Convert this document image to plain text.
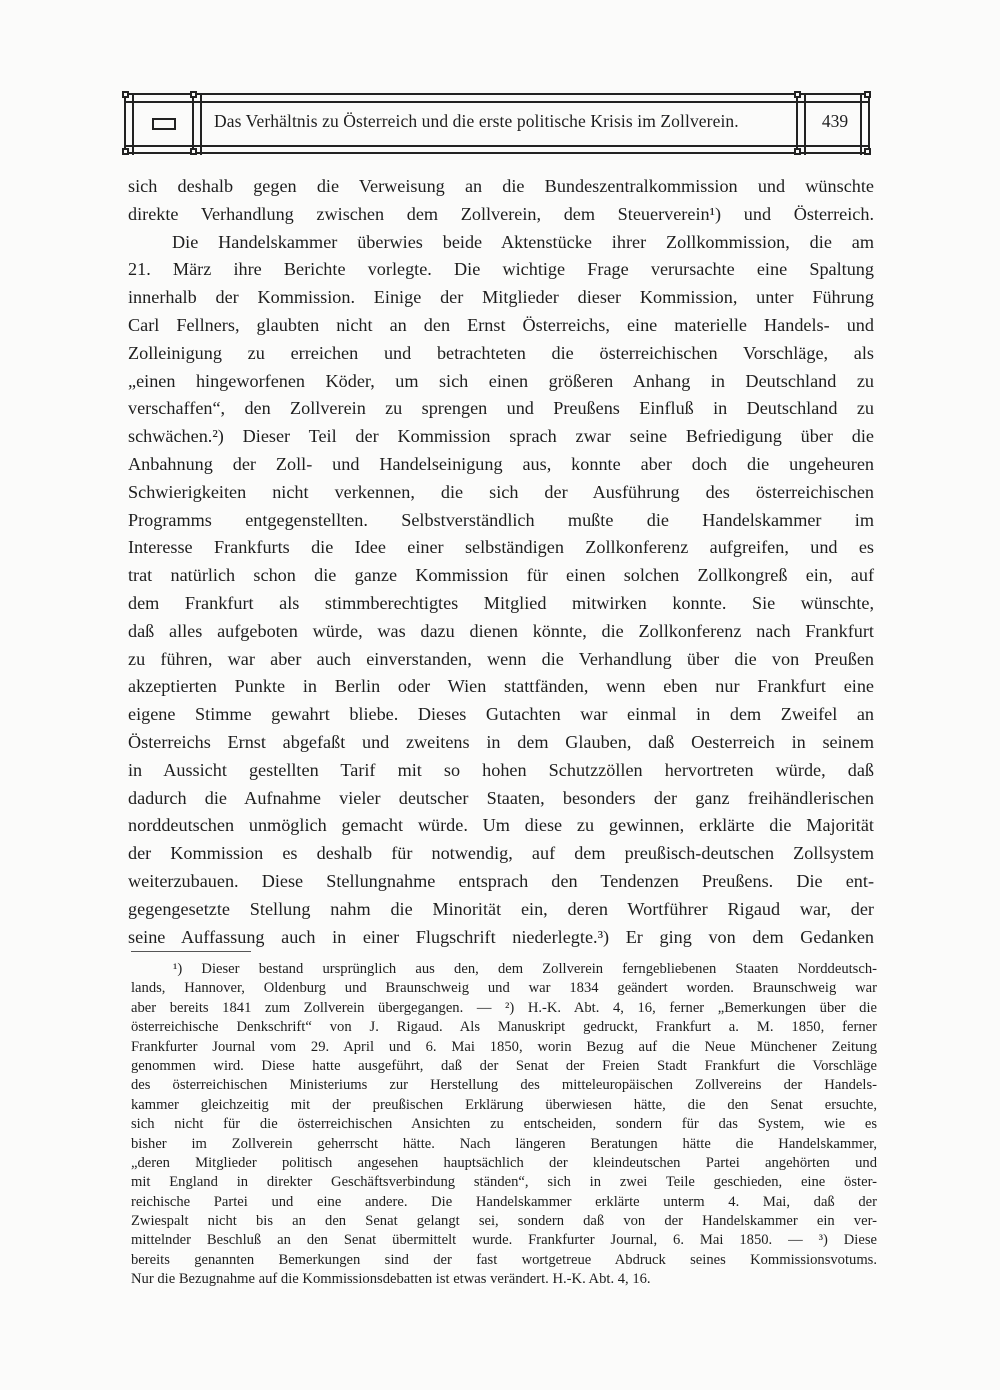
Das Verhältnis zu Österreich und die erste politische Krisis im Zollverein.	439
sich deshalb gegen die Verweisung an die Bundeszentralkommission und wünschte
direkte Verhandlung zwischen dem Zollverein, dem Steuerverein¹) und Österreich.
Die Handelskammer überwies beide Aktenstücke ihrer Zollkommission, die am
21. März ihre Berichte vorlegte. Die wichtige Frage verursachte eine Spaltung
innerhalb der Kommission. Einige der Mitglieder dieser Kommission, unter Führung
Carl Fellners, glaubten nicht an den Ernst Österreichs, eine materielle Handels- und
Zolleinigung zu erreichen und betrachteten die österreichischen Vorschläge, als
„einen hingeworfenen Köder, um sich einen größeren Anhang in Deutschland zu
verschaffen“, den Zollverein zu sprengen und Preußens Einfluß in Deutschland zu
schwächen.²) Dieser Teil der Kommission sprach zwar seine Befriedigung über die
Anbahnung der Zoll- und Handelseinigung aus, konnte aber doch die ungeheuren
Schwierigkeiten nicht verkennen, die sich der Ausführung des österreichischen
Programms entgegenstellten. Selbstverständlich mußte die Handelskammer im
Interesse Frankfurts die Idee einer selbständigen Zollkonferenz aufgreifen, und es
trat natürlich schon die ganze Kommission für einen solchen Zollkongreß ein, auf
dem Frankfurt als stimmberechtigtes Mitglied mitwirken konnte. Sie wünschte,
daß alles aufgeboten würde, was dazu dienen könnte, die Zollkonferenz nach Frankfurt
zu führen, war aber auch einverstanden, wenn die Verhandlung über die von Preußen
akzeptierten Punkte in Berlin oder Wien stattfänden, wenn eben nur Frankfurt eine
eigene Stimme gewahrt bliebe. Dieses Gutachten war einmal in dem Zweifel an
Österreichs Ernst abgefaßt und zweitens in dem Glauben, daß Oesterreich in seinem
in Aussicht gestellten Tarif mit so hohen Schutzzöllen hervortreten würde, daß
dadurch die Aufnahme vieler deutscher Staaten, besonders der ganz freihändlerischen
norddeutschen unmöglich gemacht würde. Um diese zu gewinnen, erklärte die Majorität
der Kommission es deshalb für notwendig, auf dem preußisch-deutschen Zollsystem
weiterzubauen. Diese Stellungnahme entsprach den Tendenzen Preußens. Die ent-
gegengesetzte Stellung nahm die Minorität ein, deren Wortführer Rigaud war, der
seine Auffassung auch in einer Flugschrift niederlegte.³) Er ging von dem Gedanken
¹) Dieser bestand ursprünglich aus den, dem Zollverein ferngebliebenen Staaten Norddeutsch-
lands, Hannover, Oldenburg und Braunschweig und war 1834 geändert worden. Braunschweig war
aber bereits 1841 zum Zollverein übergegangen. — ²) H.-K. Abt. 4, 16, ferner „Bemerkungen über die
österreichische Denkschrift“ von J. Rigaud. Als Manuskript gedruckt, Frankfurt a. M. 1850, ferner
Frankfurter Journal vom 29. April und 6. Mai 1850, worin Bezug auf die Neue Münchener Zeitung
genommen wird. Diese hatte ausgeführt, daß der Senat der Freien Stadt Frankfurt die Vorschläge
des österreichischen Ministeriums zur Herstellung des mitteleuropäischen Zollvereins der Handels-
kammer gleichzeitig mit der preußischen Erklärung überwiesen hätte, die den Senat ersuchte,
sich nicht für die österreichischen Ansichten zu entscheiden, sondern für das System, wie es
bisher im Zollverein geherrscht hätte. Nach längeren Beratungen hätte die Handelskammer,
„deren Mitglieder politisch angesehen hauptsächlich der kleindeutschen Partei angehörten und
mit England in direkter Geschäftsverbindung ständen“, sich in zwei Teile geschieden, eine öster-
reichische Partei und eine andere. Die Handelskammer erklärte unterm 4. Mai, daß der
Zwiespalt nicht bis an den Senat gelangt sei, sondern daß von der Handelskammer ein ver-
mittelnder Beschluß an den Senat übermittelt wurde. Frankfurter Journal, 6. Mai 1850. — ³) Diese
bereits genannten Bemerkungen sind der fast wortgetreue Abdruck seines Kommissionsvotums.
Nur die Bezugnahme auf die Kommissionsdebatten ist etwas verändert. H.-K. Abt. 4, 16.
